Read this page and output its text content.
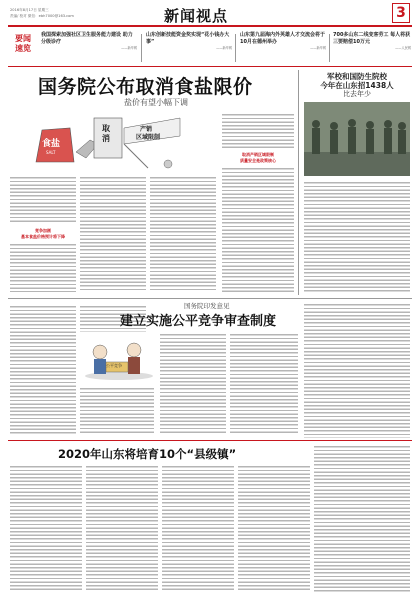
2016年8月17日 星期三
责编/ 校对 微信：ebh7000@163.com	新闻视点	3
要闻
速览
我国探索加强社区卫生服务能力建设 助力分级诊疗
——新华网
山东创新技能资金奖实现“花小钱办大事”
——新华网
山东第九届海内外英雄人才交流会将于10月在德州举办
——新华网
700多山东二线变客劳工 每人将获三要赔偿10万元
——人民网
国务院公布取消食盐限价
盐价有望小幅下调
食盐
SALT
取消
产销
区域限制
竞争加剧
基本食盐价格预计将下降
取消产销区域限制
质量安全是政策核心
军校和国防生院校
今年在山东招1438人
比去年少
国务院印发意见
建立实施公平竞争审查制度
公平竞争
2020年山东将培育10个“县级镇”
